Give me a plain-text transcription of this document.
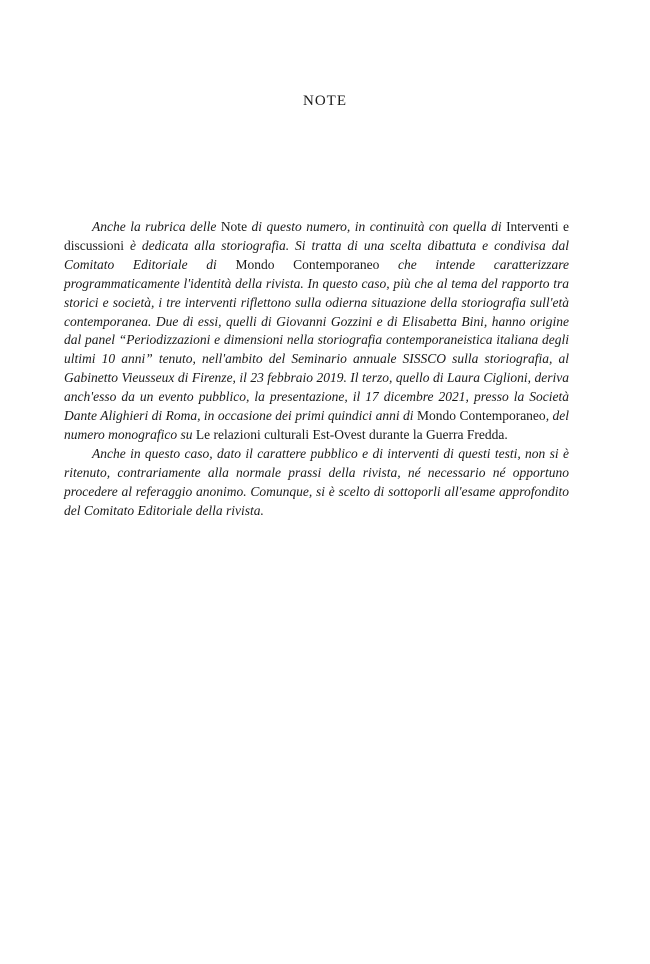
NOTE

Anche la rubrica delle Note di questo numero, in continuità con quella di Interventi e discussioni è dedicata alla storiografia. Si tratta di una scelta dibattuta e condivisa dal Comitato Editoriale di Mondo Contemporaneo che intende caratterizzare programmaticamente l'identità della rivista. In questo caso, più che al tema del rapporto tra storici e società, i tre interventi riflettono sulla odierna situazione della storiografia sull'età contemporanea. Due di essi, quelli di Giovanni Gozzini e di Elisabetta Bini, hanno origine dal panel “Periodizzazioni e dimensioni nella storiografia contemporaneistica italiana degli ultimi 10 anni” tenuto, nell'ambito del Seminario annuale SISSCO sulla storiografia, al Gabinetto Vieusseux di Firenze, il 23 febbraio 2019. Il terzo, quello di Laura Ciglioni, deriva anch'esso da un evento pubblico, la presentazione, il 17 dicembre 2021, presso la Società Dante Alighieri di Roma, in occasione dei primi quindici anni di Mondo Contemporaneo, del numero monografico su Le relazioni culturali Est-Ovest durante la Guerra Fredda.

Anche in questo caso, dato il carattere pubblico e di interventi di questi testi, non si è ritenuto, contrariamente alla normale prassi della rivista, né necessario né opportuno procedere al referaggio anonimo. Comunque, si è scelto di sottoporli all'esame approfondito del Comitato Editoriale della rivista.
